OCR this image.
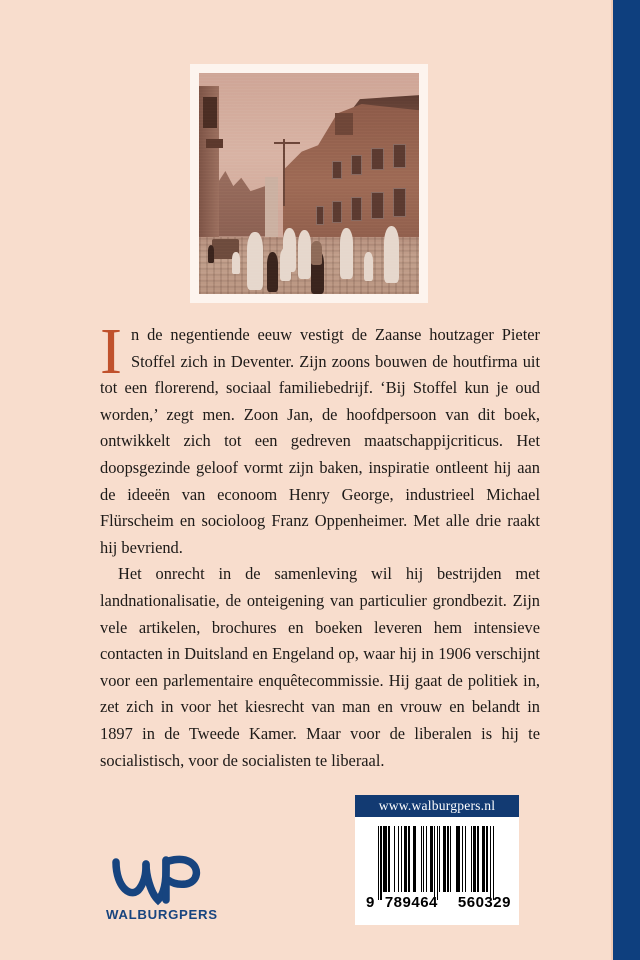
In de negentiende eeuw vestigt de Zaanse houtzager Pieter Stoffel zich in Deventer. Zijn zoons bouwen de houtfirma uit tot een florerend, sociaal familiebedrijf. ‘Bij Stoffel kun je oud worden,’ zegt men. Zoon Jan, de hoofdpersoon van dit boek, ontwikkelt zich tot een gedreven maatschappijcriticus. Het doopsgezinde geloof vormt zijn baken, inspiratie ontleent hij aan de ideeën van econoom Henry George, industrieel Michael Flürscheim en socioloog Franz Oppenheimer. Met alle drie raakt hij bevriend.

Het onrecht in de samenleving wil hij bestrijden met landnationalisatie, de onteigening van particulier grondbezit. Zijn vele artikelen, brochures en boeken leveren hem intensieve contacten in Duitsland en Engeland op, waar hij in 1906 verschijnt voor een parlementaire enquêtecommissie. Hij gaat de politiek in, zet zich in voor het kiesrecht van man en vrouw en belandt in 1897 in de Tweede Kamer. Maar voor de liberalen is hij te socialistisch, voor de socialisten te liberaal.

WALBURGPERS
www.walburgpers.nl
9 789464 560329
